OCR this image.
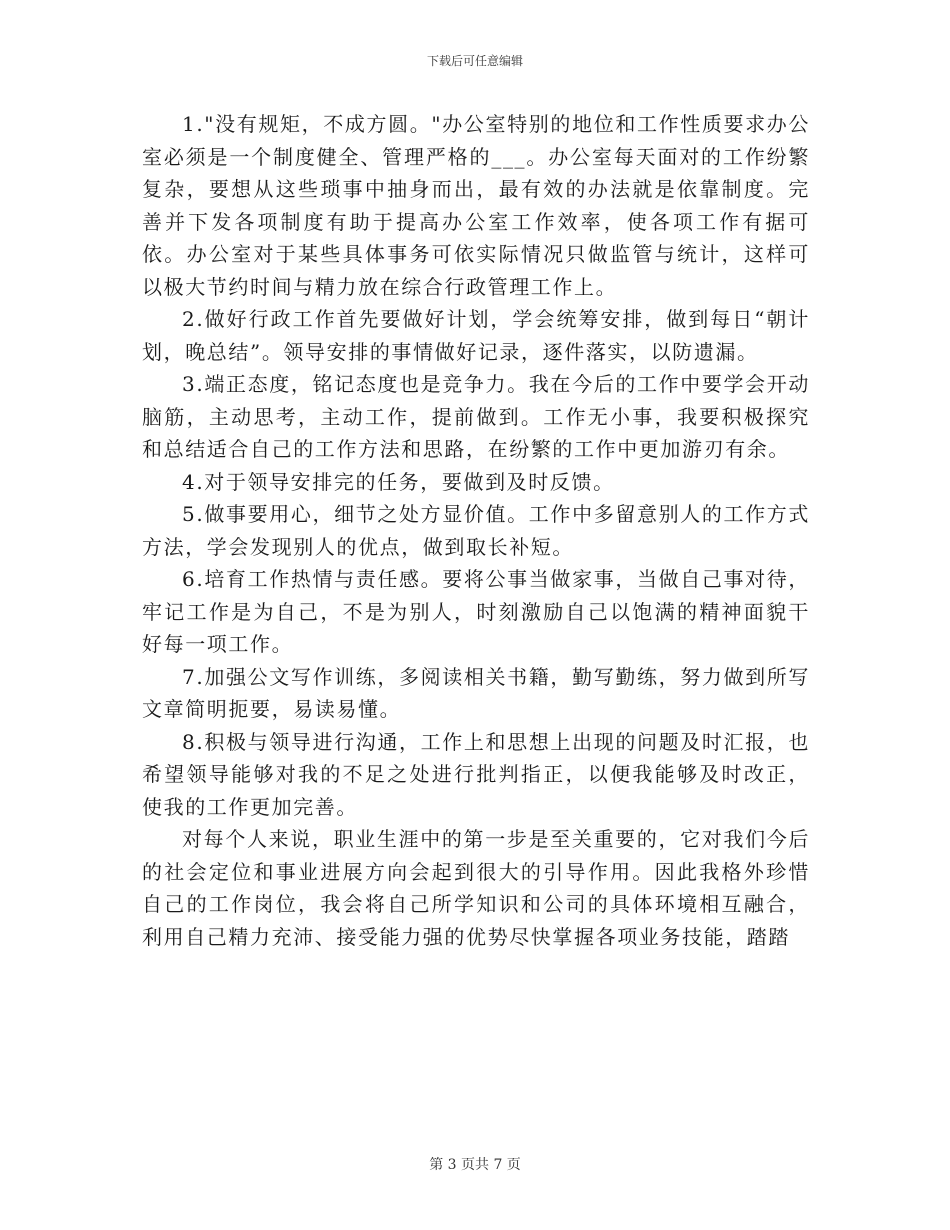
下载后可任意编辑

1."没有规矩，不成方圆。"办公室特别的地位和工作性质要求办公室必须是一个制度健全、管理严格的___。办公室每天面对的工作纷繁复杂，要想从这些琐事中抽身而出，最有效的办法就是依靠制度。完善并下发各项制度有助于提高办公室工作效率，使各项工作有据可依。办公室对于某些具体事务可依实际情况只做监管与统计，这样可以极大节约时间与精力放在综合行政管理工作上。

2.做好行政工作首先要做好计划，学会统筹安排，做到每日“朝计划，晚总结”。领导安排的事情做好记录，逐件落实，以防遗漏。

3.端正态度，铭记态度也是竞争力。我在今后的工作中要学会开动脑筋，主动思考，主动工作，提前做到。工作无小事，我要积极探究和总结适合自己的工作方法和思路，在纷繁的工作中更加游刃有余。

4.对于领导安排完的任务，要做到及时反馈。

5.做事要用心，细节之处方显价值。工作中多留意别人的工作方式方法，学会发现别人的优点，做到取长补短。

6.培育工作热情与责任感。要将公事当做家事，当做自己事对待，牢记工作是为自己，不是为别人，时刻激励自己以饱满的精神面貌干好每一项工作。

7.加强公文写作训练，多阅读相关书籍，勤写勤练，努力做到所写文章简明扼要，易读易懂。

8.积极与领导进行沟通，工作上和思想上出现的问题及时汇报，也希望领导能够对我的不足之处进行批判指正，以便我能够及时改正，使我的工作更加完善。

对每个人来说，职业生涯中的第一步是至关重要的，它对我们今后的社会定位和事业进展方向会起到很大的引导作用。因此我格外珍惜自己的工作岗位，我会将自己所学知识和公司的具体环境相互融合，利用自己精力充沛、接受能力强的优势尽快掌握各项业务技能，踏踏

第 3 页共 7 页
